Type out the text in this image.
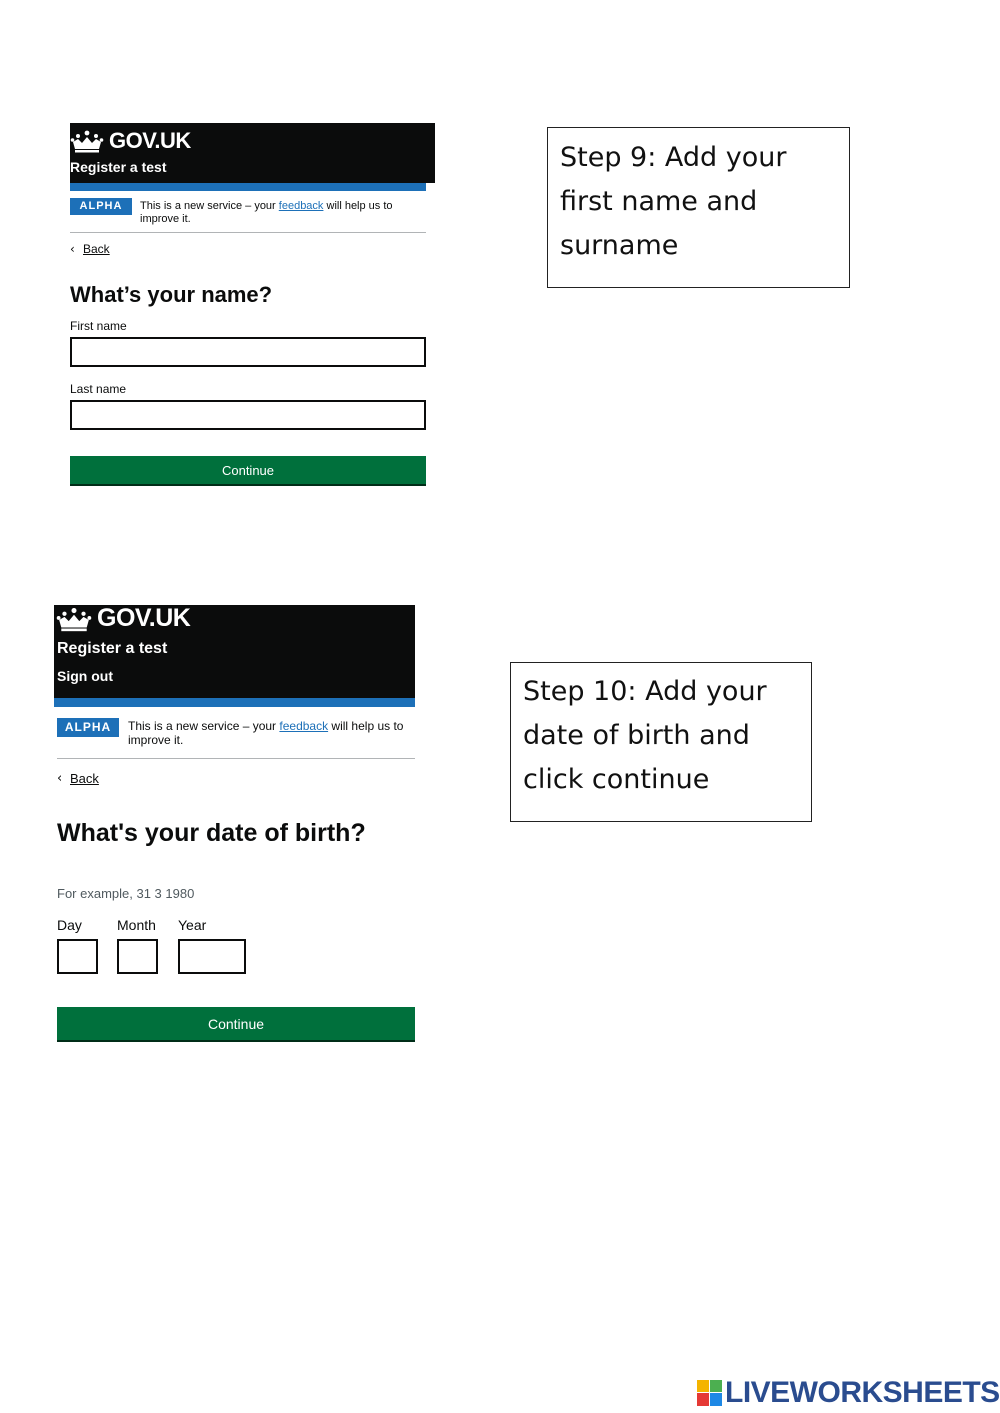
GOV.UK
Register a test
ALPHA	This is a new service – your feedback will help us to improve it.
‹ Back
What’s your name?
First name
Last name
Continue
Step 9: Add your
first name and
surname
GOV.UK
Register a test
Sign out
ALPHA	This is a new service – your feedback will help us to improve it.
‹ Back
What's your date of birth?
For example, 31 3 1980
Day	Month Year
Continue
Step 10: Add your
date of birth and
click continue
LIVEWORKSHEETS
